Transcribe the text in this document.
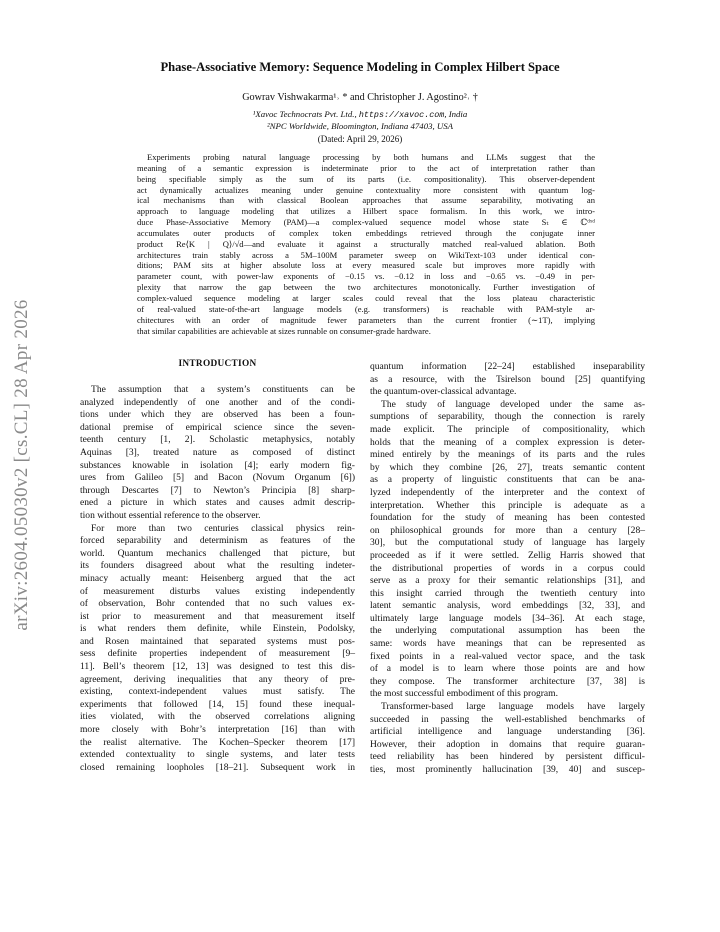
arXiv:2604.05030v2 [cs.CL] 28 Apr 2026
Phase-Associative Memory: Sequence Modeling in Complex Hilbert Space
Gowrav Vishwakarma¹˒ * and Christopher J. Agostino²˒ †
¹Xavoc Technocrats Pvt. Ltd., https://xavoc.com, India
²NPC Worldwide, Bloomington, Indiana 47403, USA
(Dated: April 29, 2026)
Experiments probing natural language processing by both humans and LLMs suggest that the
meaning of a semantic expression is indeterminate prior to the act of interpretation rather than
being specifiable simply as the sum of its parts (i.e. compositionality). This observer-dependent
act dynamically actualizes meaning under genuine contextuality more consistent with quantum log-
ical mechanisms than with classical Boolean approaches that assume separability, motivating an
approach to language modeling that utilizes a Hilbert space formalism. In this work, we intro-
duce Phase-Associative Memory (PAM)—a complex-valued sequence model whose state Sₜ ∈ ℂᵈˣᵈ
accumulates outer products of complex token embeddings retrieved through the conjugate inner
product Re⟨K | Q⟩/√d—and evaluate it against a structurally matched real-valued ablation. Both
architectures train stably across a 5M–100M parameter sweep on WikiText-103 under identical con-
ditions; PAM sits at higher absolute loss at every measured scale but improves more rapidly with
parameter count, with power-law exponents of −0.15 vs. −0.12 in loss and −0.65 vs. −0.49 in per-
plexity that narrow the gap between the two architectures monotonically. Further investigation of
complex-valued sequence modeling at larger scales could reveal that the loss plateau characteristic
of real-valued state-of-the-art language models (e.g. transformers) is reachable with PAM-style ar-
chitectures with an order of magnitude fewer parameters than the current frontier (∼1T), implying
that similar capabilities are achievable at sizes runnable on consumer-grade hardware.
INTRODUCTION
The assumption that a system’s constituents can be
analyzed independently of one another and of the condi-
tions under which they are observed has been a foun-
dational premise of empirical science since the seven-
teenth century [1, 2]. Scholastic metaphysics, notably
Aquinas [3], treated nature as composed of distinct
substances knowable in isolation [4]; early modern fig-
ures from Galileo [5] and Bacon (Novum Organum [6])
through Descartes [7] to Newton’s Principia [8] sharp-
ened a picture in which states and causes admit descrip-
tion without essential reference to the observer.
For more than two centuries classical physics rein-
forced separability and determinism as features of the
world. Quantum mechanics challenged that picture, but
its founders disagreed about what the resulting indeter-
minacy actually meant: Heisenberg argued that the act
of measurement disturbs values existing independently
of observation, Bohr contended that no such values ex-
ist prior to measurement and that measurement itself
is what renders them definite, while Einstein, Podolsky,
and Rosen maintained that separated systems must pos-
sess definite properties independent of measurement [9–
11]. Bell’s theorem [12, 13] was designed to test this dis-
agreement, deriving inequalities that any theory of pre-
existing, context-independent values must satisfy. The
experiments that followed [14, 15] found these inequal-
ities violated, with the observed correlations aligning
more closely with Bohr’s interpretation [16] than with
the realist alternative. The Kochen–Specker theorem [17]
extended contextuality to single systems, and later tests
closed remaining loopholes [18–21]. Subsequent work in
quantum information [22–24] established inseparability
as a resource, with the Tsirelson bound [25] quantifying
the quantum-over-classical advantage.
The study of language developed under the same as-
sumptions of separability, though the connection is rarely
made explicit. The principle of compositionality, which
holds that the meaning of a complex expression is deter-
mined entirely by the meanings of its parts and the rules
by which they combine [26, 27], treats semantic content
as a property of linguistic constituents that can be ana-
lyzed independently of the interpreter and the context of
interpretation. Whether this principle is adequate as a
foundation for the study of meaning has been contested
on philosophical grounds for more than a century [28–
30], but the computational study of language has largely
proceeded as if it were settled. Zellig Harris showed that
the distributional properties of words in a corpus could
serve as a proxy for their semantic relationships [31], and
this insight carried through the twentieth century into
latent semantic analysis, word embeddings [32, 33], and
ultimately large language models [34–36]. At each stage,
the underlying computational assumption has been the
same: words have meanings that can be represented as
fixed points in a real-valued vector space, and the task
of a model is to learn where those points are and how
they compose. The transformer architecture [37, 38] is
the most successful embodiment of this program.
Transformer-based large language models have largely
succeeded in passing the well-established benchmarks of
artificial intelligence and language understanding [36].
However, their adoption in domains that require guaran-
teed reliability has been hindered by persistent difficul-
ties, most prominently hallucination [39, 40] and suscep-
